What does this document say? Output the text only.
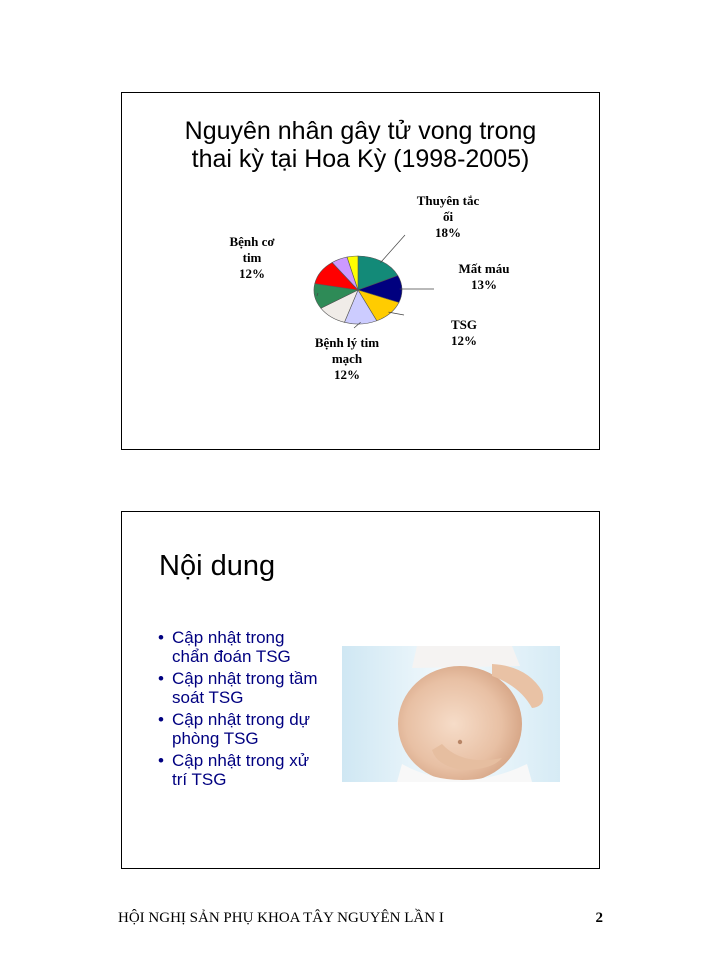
Nguyên nhân gây tử vong trong
thai kỳ tại Hoa Kỳ (1998-2005)
Thuyên tắc ối 18%
Mất máu 13%
TSG 12%
Bệnh lý tim mạch 12%
Bệnh cơ tim 12%
Nội dung
• Cập nhật trong
chẩn đoán TSG
• Cập nhật trong tầm
soát TSG
• Cập nhật trong dự
phòng TSG
• Cập nhật trong xử
trí TSG
HỘI NGHỊ SẢN PHỤ KHOA TÂY NGUYÊN LẦN I	2
